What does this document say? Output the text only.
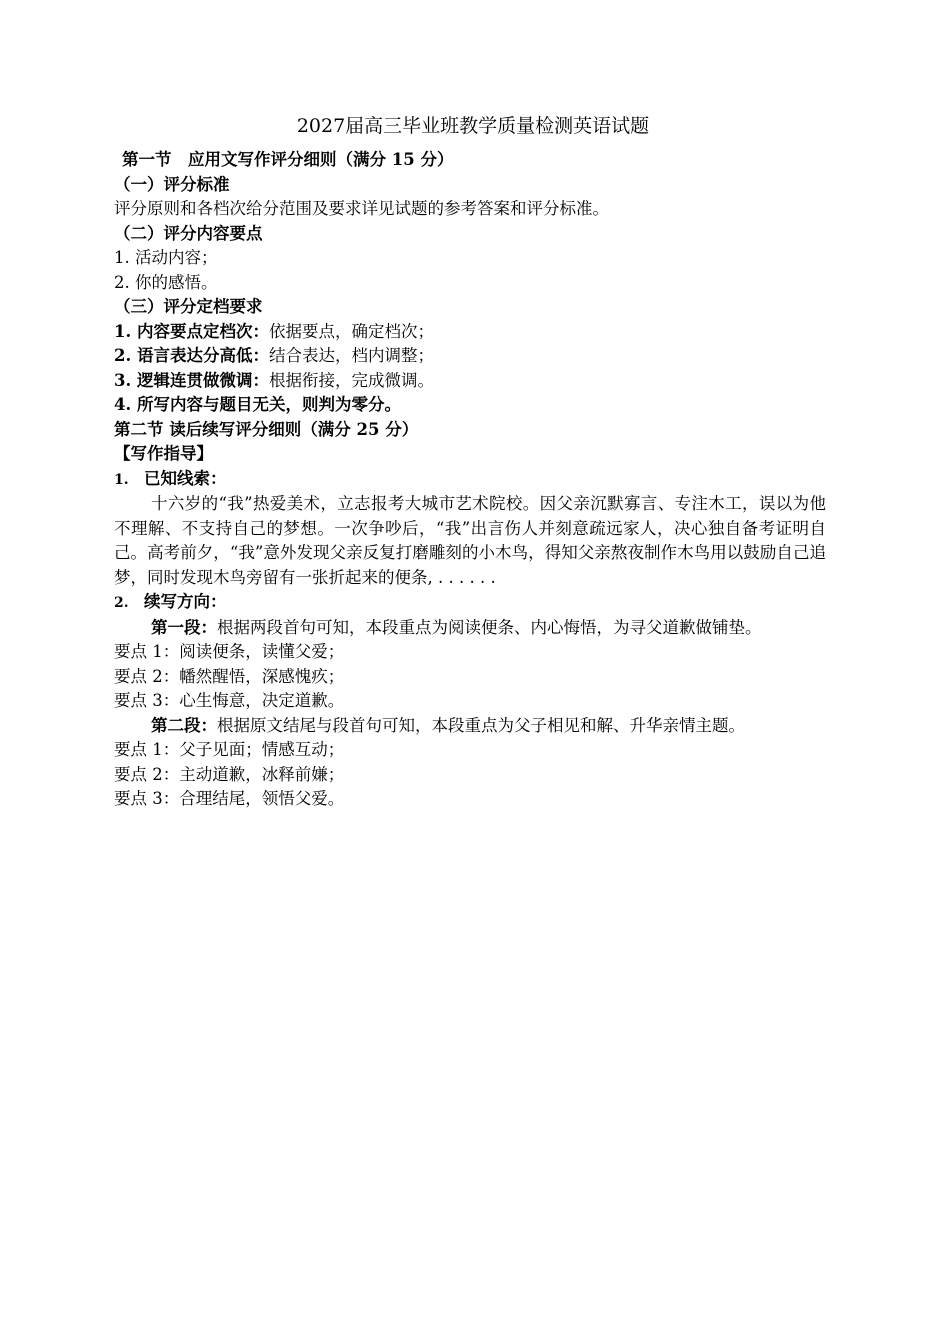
2027届高三毕业班教学质量检测英语试题
第一节　应用文写作评分细则（满分 15 分）
（一）评分标准
评分原则和各档次给分范围及要求详见试题的参考答案和评分标准。
（二）评分内容要点
1. 活动内容；
2. 你的感悟。
（三）评分定档要求
1. 内容要点定档次：依据要点，确定档次；
2. 语言表达分高低：结合表达，档内调整；
3. 逻辑连贯做微调：根据衔接，完成微调。
4. 所写内容与题目无关，则判为零分。
第二节 读后续写评分细则（满分 25 分）
【写作指导】
1. 已知线索：
十六岁的“我”热爱美术，立志报考大城市艺术院校。因父亲沉默寡言、专注木工，误以为他不理解、不支持自己的梦想。一次争吵后，“我”出言伤人并刻意疏远家人，决心独自备考证明自己。高考前夕，“我”意外发现父亲反复打磨雕刻的小木鸟，得知父亲熬夜制作木鸟用以鼓励自己追梦，同时发现木鸟旁留有一张折起来的便条, . . . . . .
2. 续写方向：
第一段：根据两段首句可知，本段重点为阅读便条、内心悔悟，为寻父道歉做铺垫。
要点 1：阅读便条，读懂父爱；
要点 2：幡然醒悟，深感愧疚；
要点 3：心生悔意，决定道歉。
第二段：根据原文结尾与段首句可知，本段重点为父子相见和解、升华亲情主题。
要点 1：父子见面；情感互动；
要点 2：主动道歉，冰释前嫌；
要点 3：合理结尾，领悟父爱。
